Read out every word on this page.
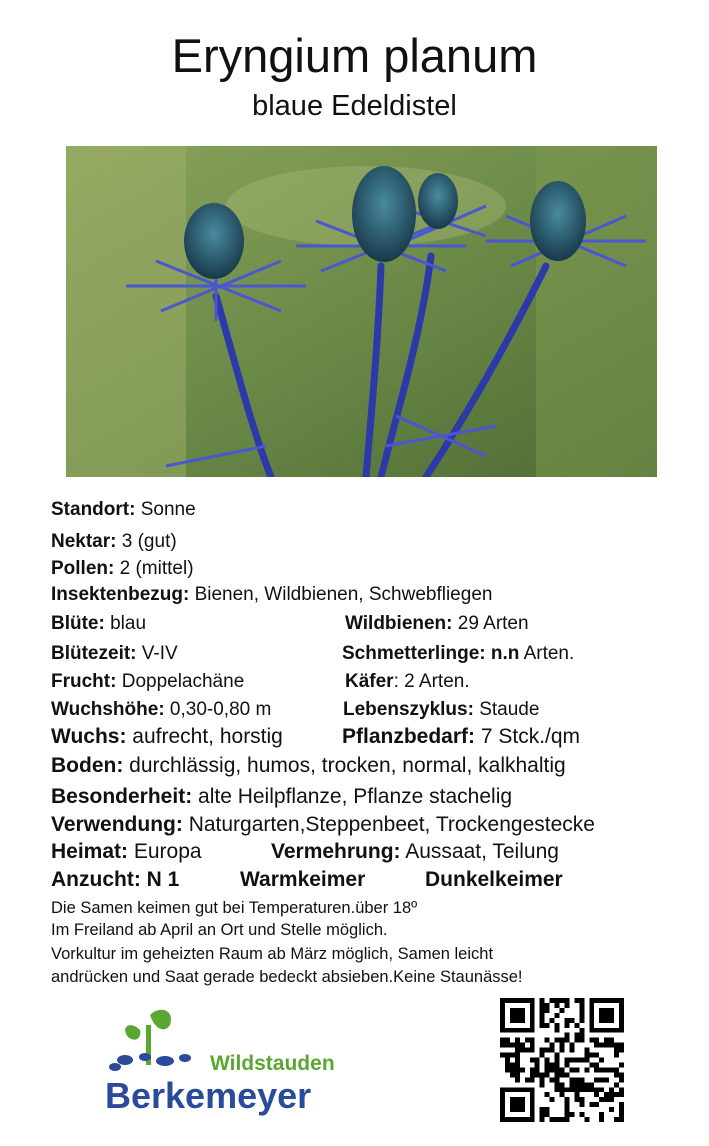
Eryngium planum
blaue Edeldistel
Standort: Sonne
Nektar: 3 (gut)
Pollen: 2 (mittel)
Insektenbezug: Bienen, Wildbienen, Schwebfliegen
Blüte: blau	Wildbienen: 29 Arten
Blütezeit: V-IV	Schmetterlinge: n.n Arten.
Frucht: Doppelachäne	Käfer: 2 Arten.
Wuchshöhe: 0,30-0,80 m	Lebenszyklus: Staude
Wuchs: aufrecht, horstig	Pflanzbedarf: 7 Stck./qm
Boden: durchlässig, humos, trocken, normal, kalkhaltig
Besonderheit: alte Heilpflanze, Pflanze stachelig
Verwendung: Naturgarten,Steppenbeet, Trockengestecke
Heimat: Europa	Vermehrung: Aussaat, Teilung
Anzucht: N 1	Warmkeimer	Dunkelkeimer
Die Samen keimen gut bei Temperaturen.über 18º
Im Freiland ab April an Ort und Stelle möglich.
Vorkultur im geheizten Raum ab März möglich, Samen leicht
andrücken und Saat gerade bedeckt absieben.Keine Staunässe!
Wildstauden
Berkemeyer
